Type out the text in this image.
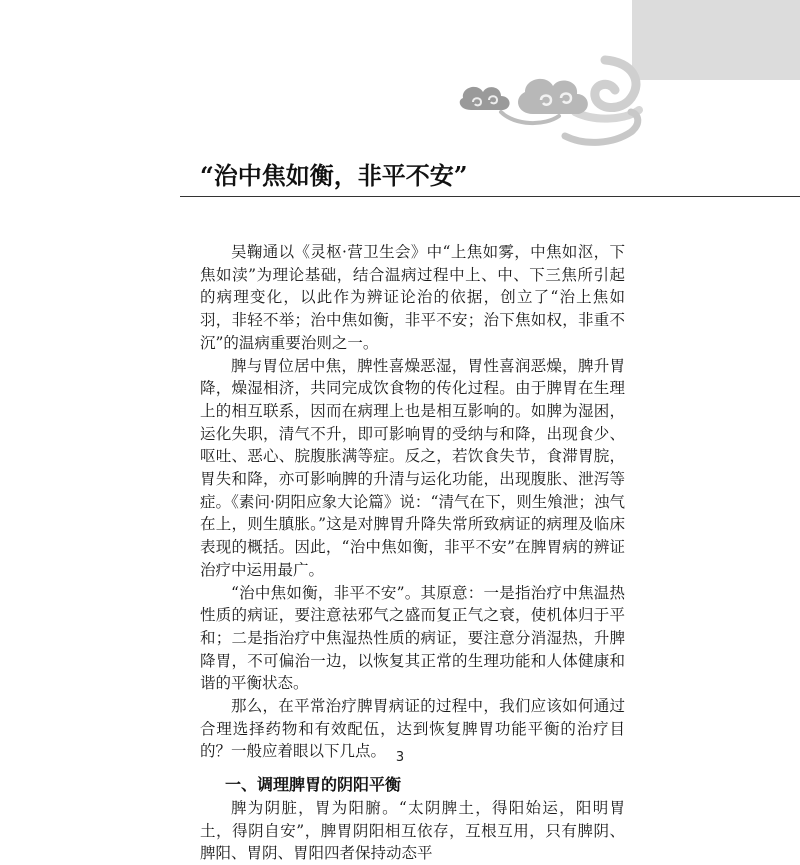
“治中焦如衡，非平不安”

吴鞠通以《灵枢·营卫生会》中“上焦如雾，中焦如沤，下焦如渎”为理论基础，结合温病过程中上、中、下三焦所引起的病理变化，以此作为辨证论治的依据，创立了“治上焦如羽，非轻不举；治中焦如衡，非平不安；治下焦如权，非重不沉”的温病重要治则之一。

脾与胃位居中焦，脾性喜燥恶湿，胃性喜润恶燥，脾升胃降，燥湿相济，共同完成饮食物的传化过程。由于脾胃在生理上的相互联系，因而在病理上也是相互影响的。如脾为湿困，运化失职，清气不升，即可影响胃的受纳与和降，出现食少、呕吐、恶心、脘腹胀满等症。反之，若饮食失节，食滞胃脘，胃失和降，亦可影响脾的升清与运化功能，出现腹胀、泄泻等症。《素问·阴阳应象大论篇》说：“清气在下，则生飧泄；浊气在上，则生䐜胀。”这是对脾胃升降失常所致病证的病理及临床表现的概括。因此，“治中焦如衡，非平不安”在脾胃病的辨证治疗中运用最广。

“治中焦如衡，非平不安”。其原意：一是指治疗中焦温热性质的病证，要注意祛邪气之盛而复正气之衰，使机体归于平和；二是指治疗中焦湿热性质的病证，要注意分消湿热，升脾降胃，不可偏治一边，以恢复其正常的生理功能和人体健康和谐的平衡状态。

那么，在平常治疗脾胃病证的过程中，我们应该如何通过合理选择药物和有效配伍，达到恢复脾胃功能平衡的治疗目的？一般应着眼以下几点。

一、调理脾胃的阴阳平衡

脾为阴脏，胃为阳腑。“太阴脾土，得阳始运，阳明胃土，得阴自安”，脾胃阴阳相互依存，互根互用，只有脾阴、脾阳、胃阴、胃阳四者保持动态平

3
